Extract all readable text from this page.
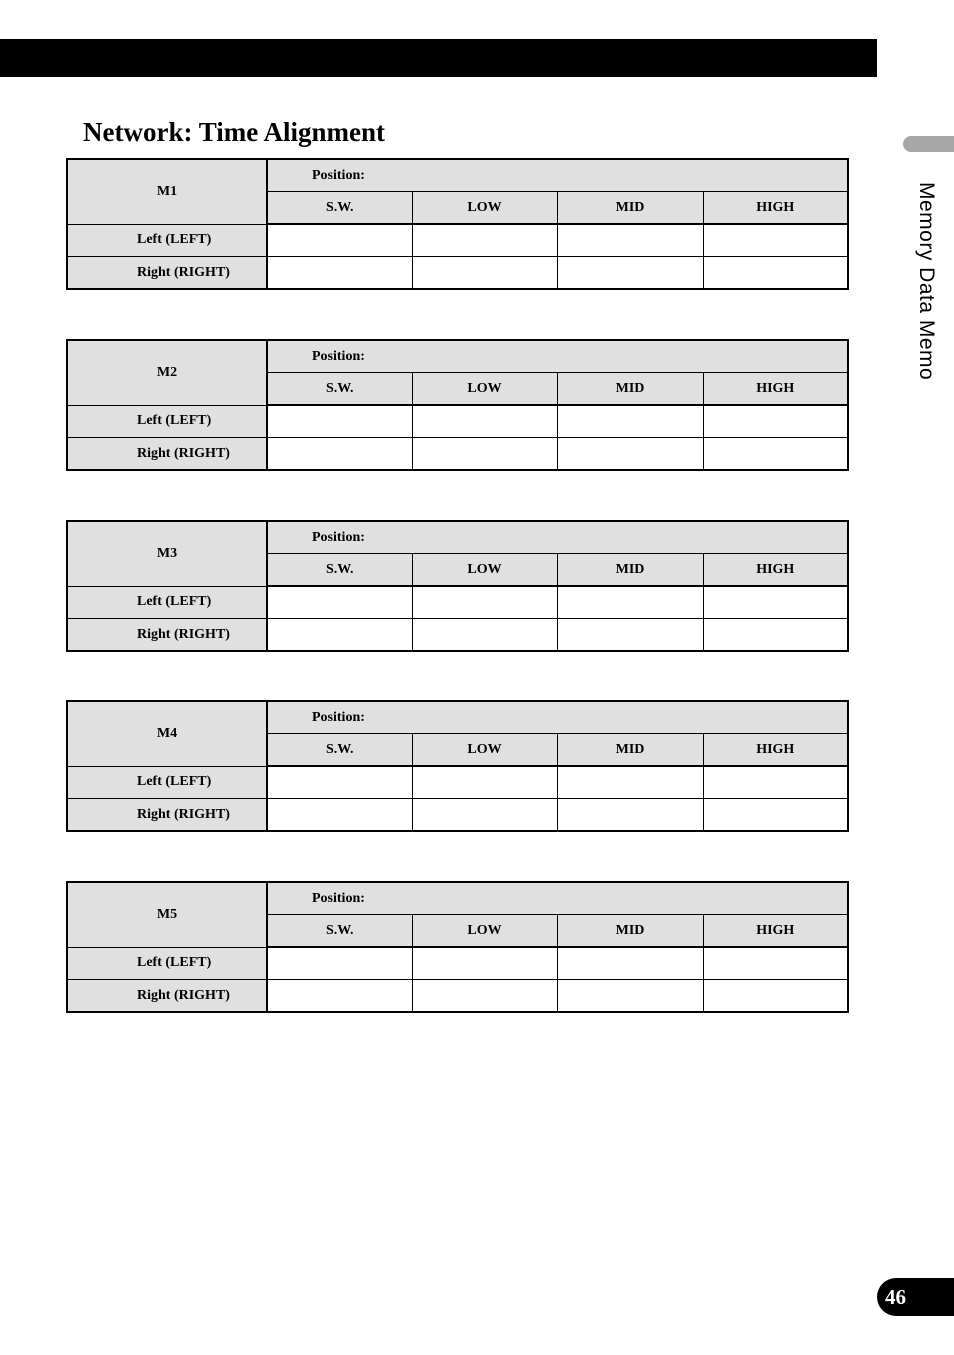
Memory Data Memo
Network: Time Alignment
M1	Position:			
	S.W.	LOW	MID	HIGH
Left (LEFT)				
Right (RIGHT)				
M2	Position:			
	S.W.	LOW	MID	HIGH
Left (LEFT)				
Right (RIGHT)				
M3	Position:			
	S.W.	LOW	MID	HIGH
Left (LEFT)				
Right (RIGHT)				
M4	Position:			
	S.W.	LOW	MID	HIGH
Left (LEFT)				
Right (RIGHT)				
M5	Position:			
	S.W.	LOW	MID	HIGH
Left (LEFT)				
Right (RIGHT)				
46
